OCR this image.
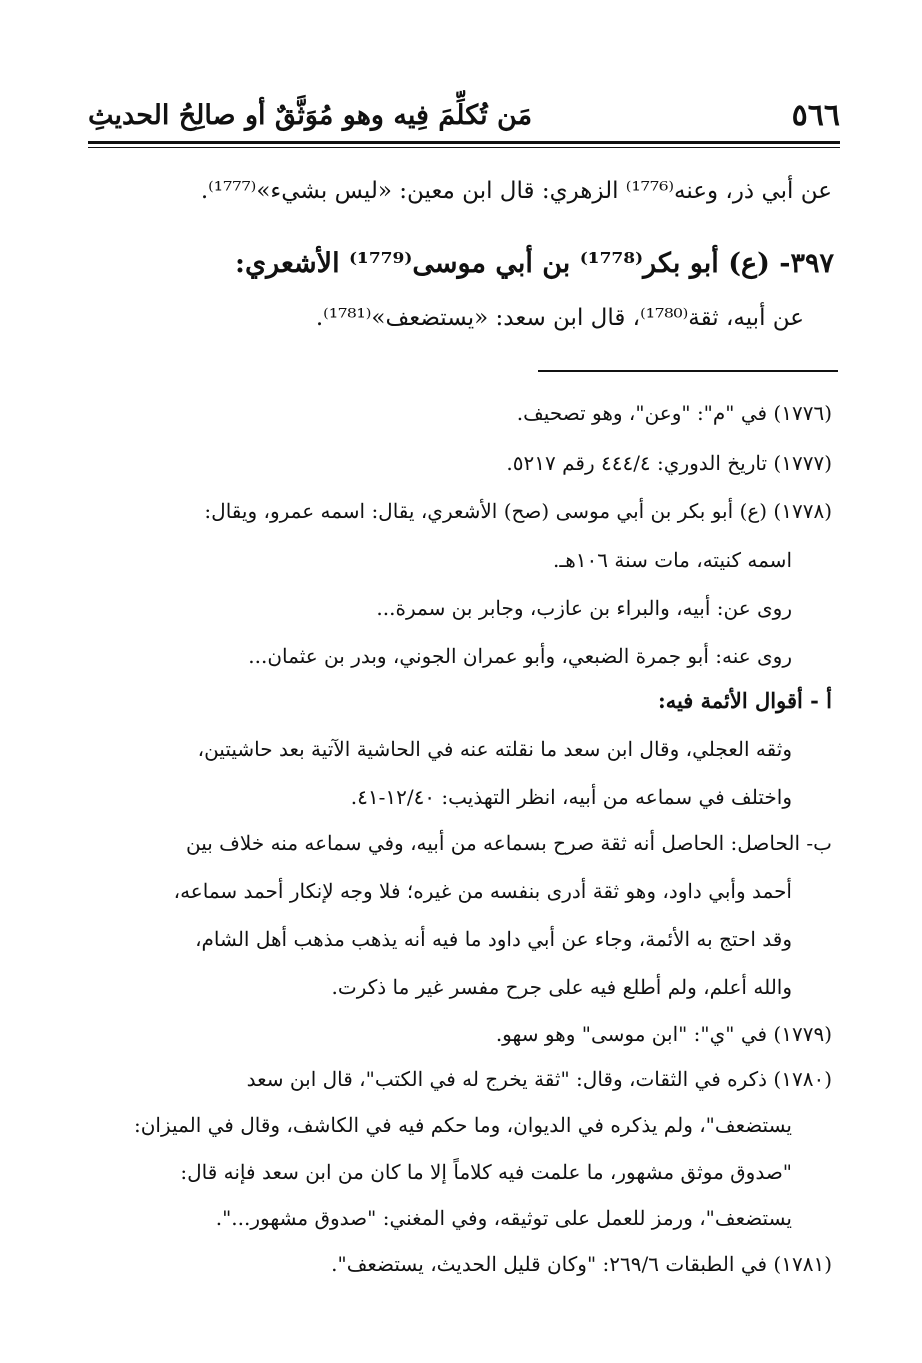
٥٦٦
مَن تُكلِّمَ فِيه وهو مُوَثَّقٌ أو صالِحُ الحديثِ
عن أبي ذر، وعنه⁽¹⁷⁷⁶⁾ الزهري: قال ابن معين: «ليس بشيء»⁽¹⁷⁷⁷⁾.
٣٩٧- (ع) أبو بكر⁽¹⁷⁷⁸⁾ بن أبي موسى⁽¹⁷⁷⁹⁾ الأشعري:
عن أبيه، ثقة⁽¹⁷⁸⁰⁾، قال ابن سعد: «يستضعف»⁽¹⁷⁸¹⁾.
(١٧٧٦) في "م": "وعن"، وهو تصحيف.
(١٧٧٧) تاريخ الدوري: ٤٤٤/٤ رقم ٥٢١٧.
(١٧٧٨) (ع) أبو بكر بن أبي موسى (صح) الأشعري، يقال: اسمه عمرو، ويقال:
اسمه كنيته، مات سنة ١٠٦هـ.
روى عن: أبيه، والبراء بن عازب، وجابر بن سمرة...
روى عنه: أبو جمرة الضبعي، وأبو عمران الجوني، وبدر بن عثمان...
أ - أقوال الأئمة فيه:
وثقه العجلي، وقال ابن سعد ما نقلته عنه في الحاشية الآتية بعد حاشيتين،
واختلف في سماعه من أبيه، انظر التهذيب: ١٢/٤٠-٤١.
ب- الحاصل: الحاصل أنه ثقة صرح بسماعه من أبيه، وفي سماعه منه خلاف بين
أحمد وأبي داود، وهو ثقة أدرى بنفسه من غيره؛ فلا وجه لإنكار أحمد سماعه،
وقد احتج به الأئمة، وجاء عن أبي داود ما فيه أنه يذهب مذهب أهل الشام،
والله أعلم، ولم أطلع فيه على جرح مفسر غير ما ذكرت.
(١٧٧٩) في "ي": "ابن موسى" وهو سهو.
(١٧٨٠) ذكره في الثقات، وقال: "ثقة يخرج له في الكتب"، قال ابن سعد
يستضعف"، ولم يذكره في الديوان، وما حكم فيه في الكاشف، وقال في الميزان:
"صدوق موثق مشهور، ما علمت فيه كلاماً إلا ما كان من ابن سعد فإنه قال:
يستضعف"، ورمز للعمل على توثيقه، وفي المغني: "صدوق مشهور...".
(١٧٨١) في الطبقات ٢٦٩/٦: "وكان قليل الحديث، يستضعف".
